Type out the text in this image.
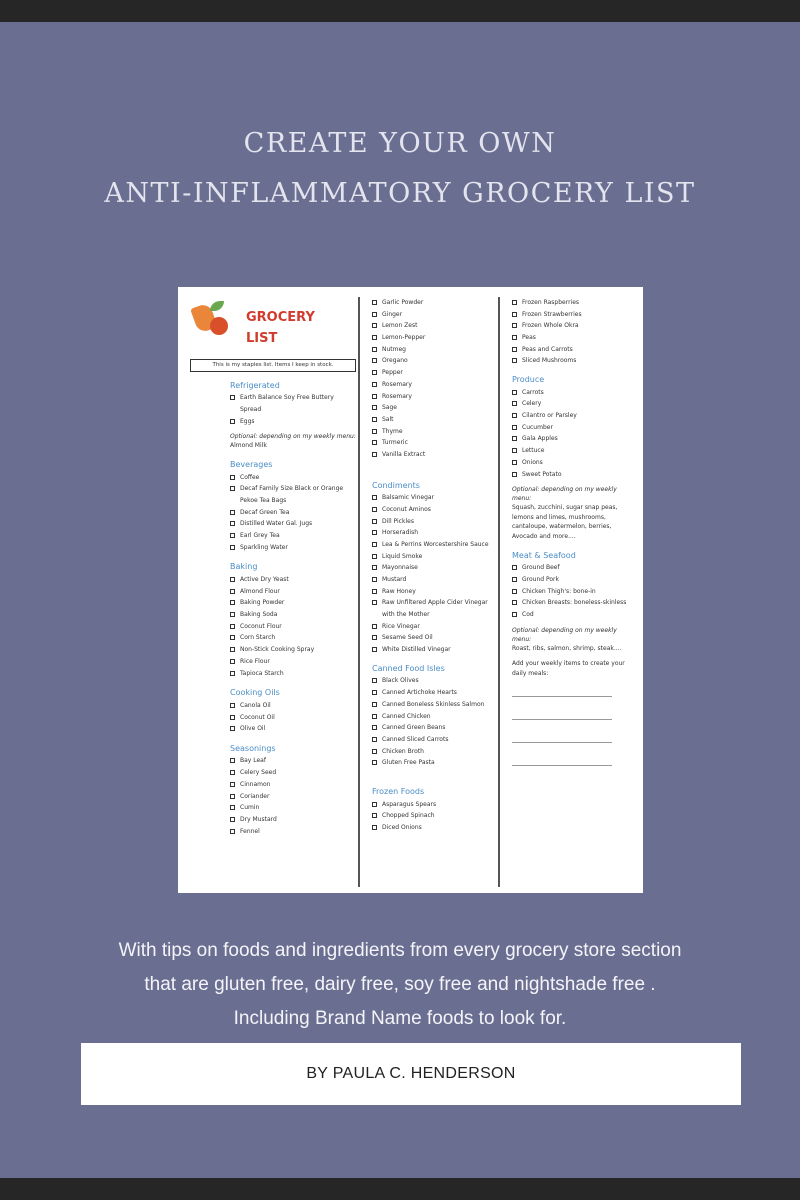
CREATE YOUR OWN
ANTI-INFLAMMATORY GROCERY LIST
GROCERY
LIST
This is my staples list. Items I keep in stock.
Refrigerated
Earth Balance Soy Free Buttery Spread
Eggs
Optional: depending on my weekly menu:
Almond Milk
Beverages
Coffee
Decaf Family Size Black or Orange Pekoe Tea Bags
Decaf Green Tea
Distilled Water Gal. Jugs
Earl Grey Tea
Sparkling Water
Baking
Active Dry Yeast
Almond Flour
Baking Powder
Baking Soda
Coconut Flour
Corn Starch
Non-Stick Cooking Spray
Rice Flour
Tapioca Starch
Cooking Oils
Canola Oil
Coconut Oil
Olive Oil
Seasonings
Bay Leaf
Celery Seed
Cinnamon
Coriander
Cumin
Dry Mustard
Fennel
Garlic Powder
Ginger
Lemon Zest
Lemon-Pepper
Nutmeg
Oregano
Pepper
Rosemary
Rosemary
Sage
Salt
Thyme
Turmeric
Vanilla Extract
Condiments
Balsamic Vinegar
Coconut Aminos
Dill Pickles
Horseradish
Lea & Perrins Worcestershire Sauce
Liquid Smoke
Mayonnaise
Mustard
Raw Honey
Raw Unfiltered Apple Cider Vinegar with the Mother
Rice Vinegar
Sesame Seed Oil
White Distilled Vinegar
Canned Food Isles
Black Olives
Canned Artichoke Hearts
Canned Boneless Skinless Salmon
Canned Chicken
Canned Green Beans
Canned Sliced Carrots
Chicken Broth
Gluten Free Pasta
Frozen Foods
Asparagus Spears
Chopped Spinach
Diced Onions
Frozen Raspberries
Frozen Strawberries
Frozen Whole Okra
Peas
Peas and Carrots
Sliced Mushrooms
Produce
Carrots
Celery
Cilantro or Parsley
Cucumber
Gala Apples
Lettuce
Onions
Sweet Potato
Optional: depending on my weekly menu:
Squash, zucchini, sugar snap peas, lemons and limes, mushrooms, cantaloupe, watermelon, berries, Avocado and more....
Meat & Seafood
Ground Beef
Ground Pork
Chicken Thigh's: bone-in
Chicken Breasts: boneless-skinless
Cod
Optional: depending on my weekly menu:
Roast, ribs, salmon, shrimp, steak....
Add your weekly items to create your daily meals:
With tips on foods and ingredients from every grocery store section
that are gluten free, dairy free, soy free and nightshade free .
Including Brand Name foods to look for.
BY PAULA C. HENDERSON
